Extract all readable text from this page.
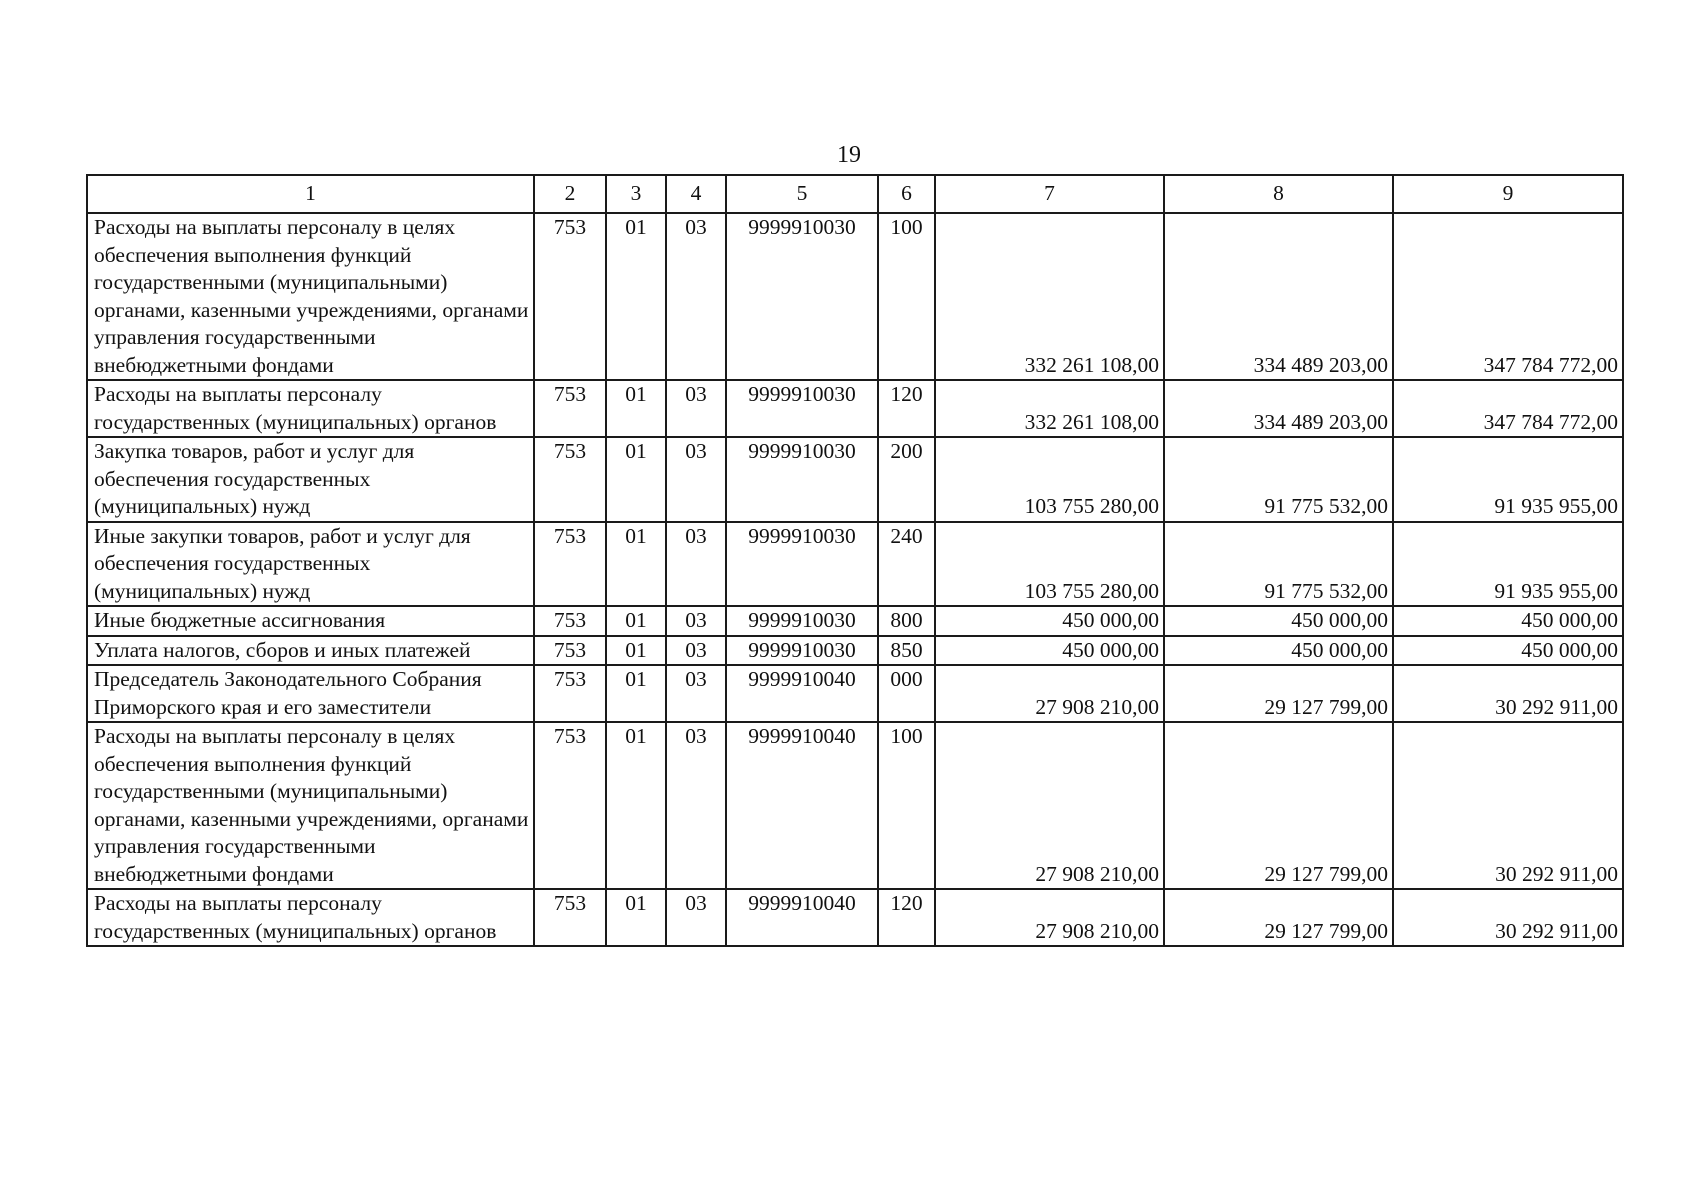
19
1	2	3	4	5	6	7	8	9
Расходы на выплаты персоналу в целях обеспечения выполнения функций государственными (муниципальными) органами, казенными учреждениями, органами управления государственными внебюджетными фондами	753	01	03	9999910030	100	332 261 108,00	334 489 203,00	347 784 772,00
Расходы на выплаты персоналу государственных (муниципальных) органов	753	01	03	9999910030	120	332 261 108,00	334 489 203,00	347 784 772,00
Закупка товаров, работ и услуг для обеспечения государственных (муниципальных) нужд	753	01	03	9999910030	200	103 755 280,00	91 775 532,00	91 935 955,00
Иные закупки товаров, работ и услуг для обеспечения государственных (муниципальных) нужд	753	01	03	9999910030	240	103 755 280,00	91 775 532,00	91 935 955,00
Иные бюджетные ассигнования	753	01	03	9999910030	800	450 000,00	450 000,00	450 000,00
Уплата налогов, сборов и иных платежей	753	01	03	9999910030	850	450 000,00	450 000,00	450 000,00
Председатель Законодательного Собрания Приморского края и его заместители	753	01	03	9999910040	000	27 908 210,00	29 127 799,00	30 292 911,00
Расходы на выплаты персоналу в целях обеспечения выполнения функций государственными (муниципальными) органами, казенными учреждениями, органами управления государственными внебюджетными фондами	753	01	03	9999910040	100	27 908 210,00	29 127 799,00	30 292 911,00
Расходы на выплаты персоналу государственных (муниципальных) органов	753	01	03	9999910040	120	27 908 210,00	29 127 799,00	30 292 911,00
